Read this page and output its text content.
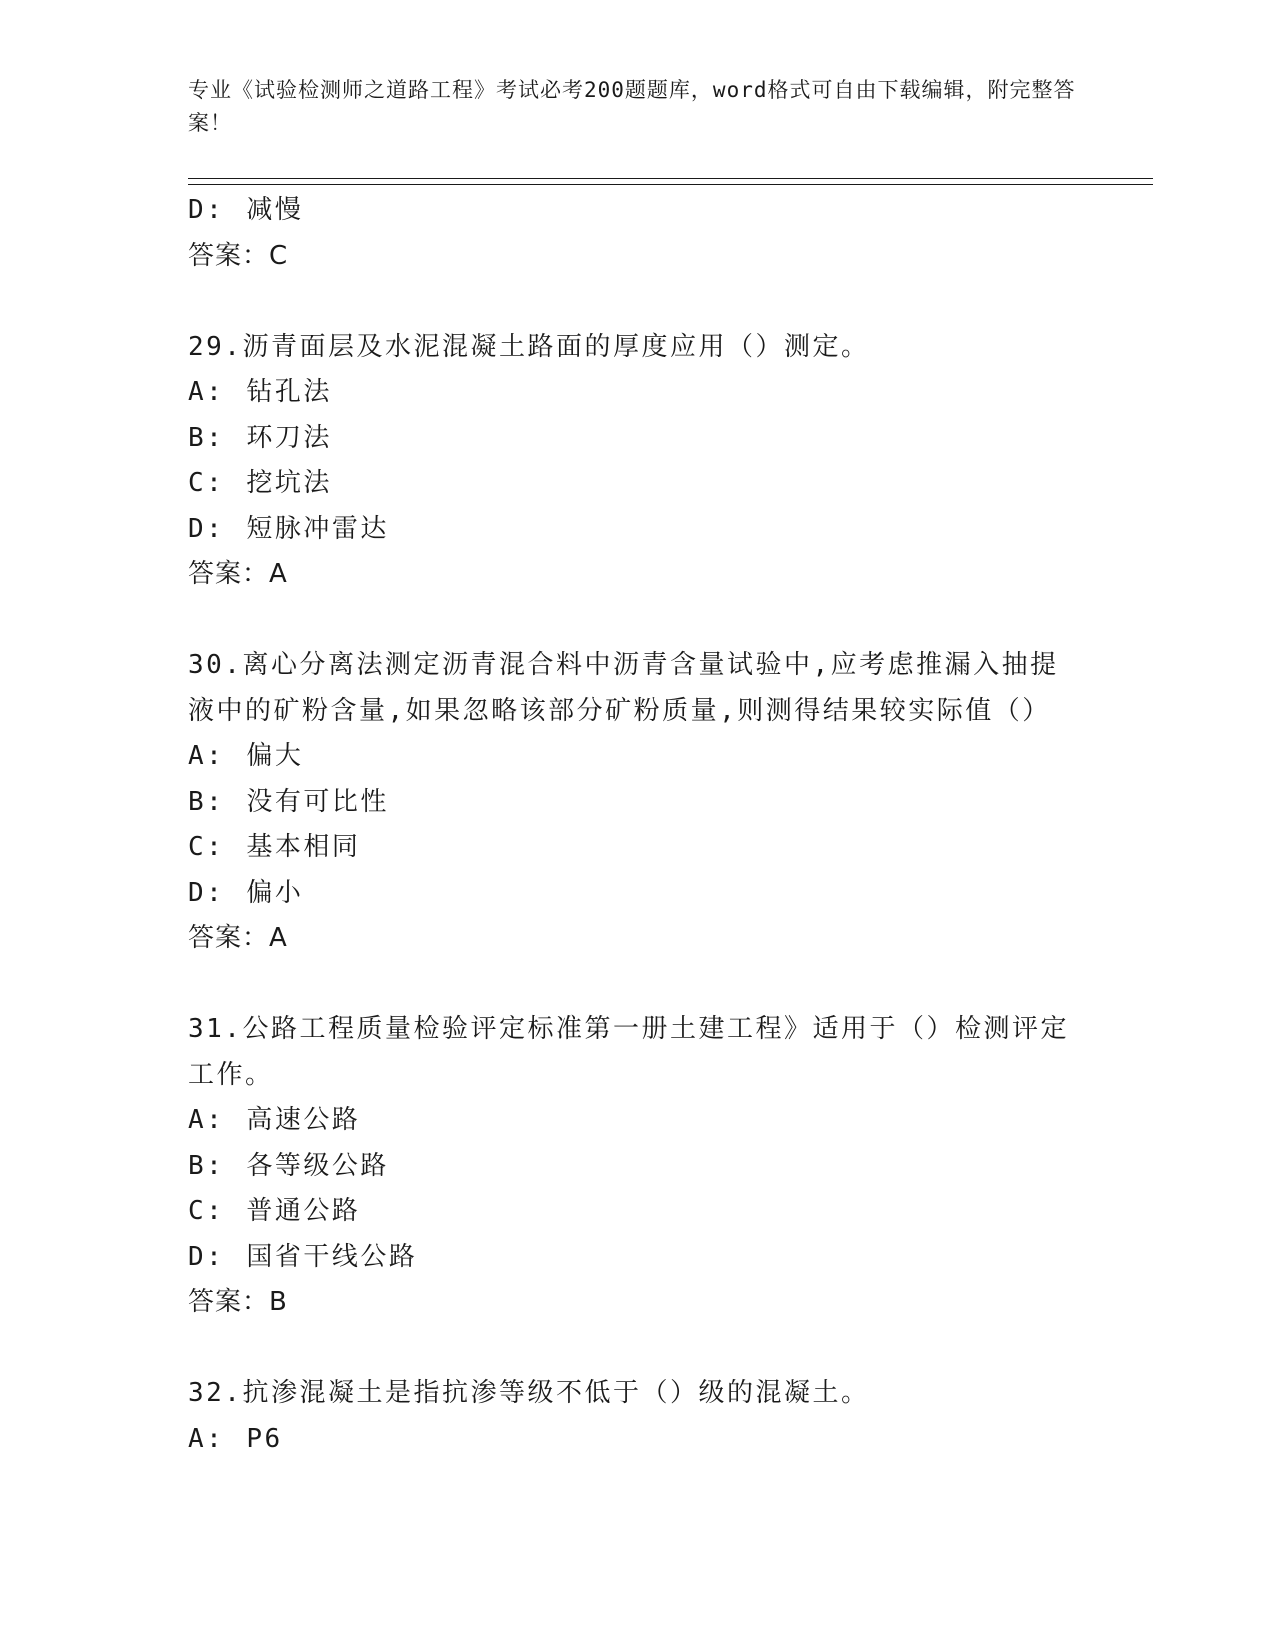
专业《试验检测师之道路工程》考试必考200题题库，word格式可自由下载编辑，附完整答案！

D: 减慢

答案：C

29.沥青面层及水泥混凝土路面的厚度应用（）测定。

A: 钻孔法

B: 环刀法

C: 挖坑法

D: 短脉冲雷达

答案：A

30.离心分离法测定沥青混合料中沥青含量试验中,应考虑推漏入抽提
液中的矿粉含量,如果忽略该部分矿粉质量,则测得结果较实际值（）

A: 偏大

B: 没有可比性

C: 基本相同

D: 偏小

答案：A

31.公路工程质量检验评定标准第一册土建工程》适用于（）检测评定
工作。

A: 高速公路

B: 各等级公路

C: 普通公路

D: 国省干线公路

答案：B

32.抗渗混凝土是指抗渗等级不低于（）级的混凝土。

A: P6
